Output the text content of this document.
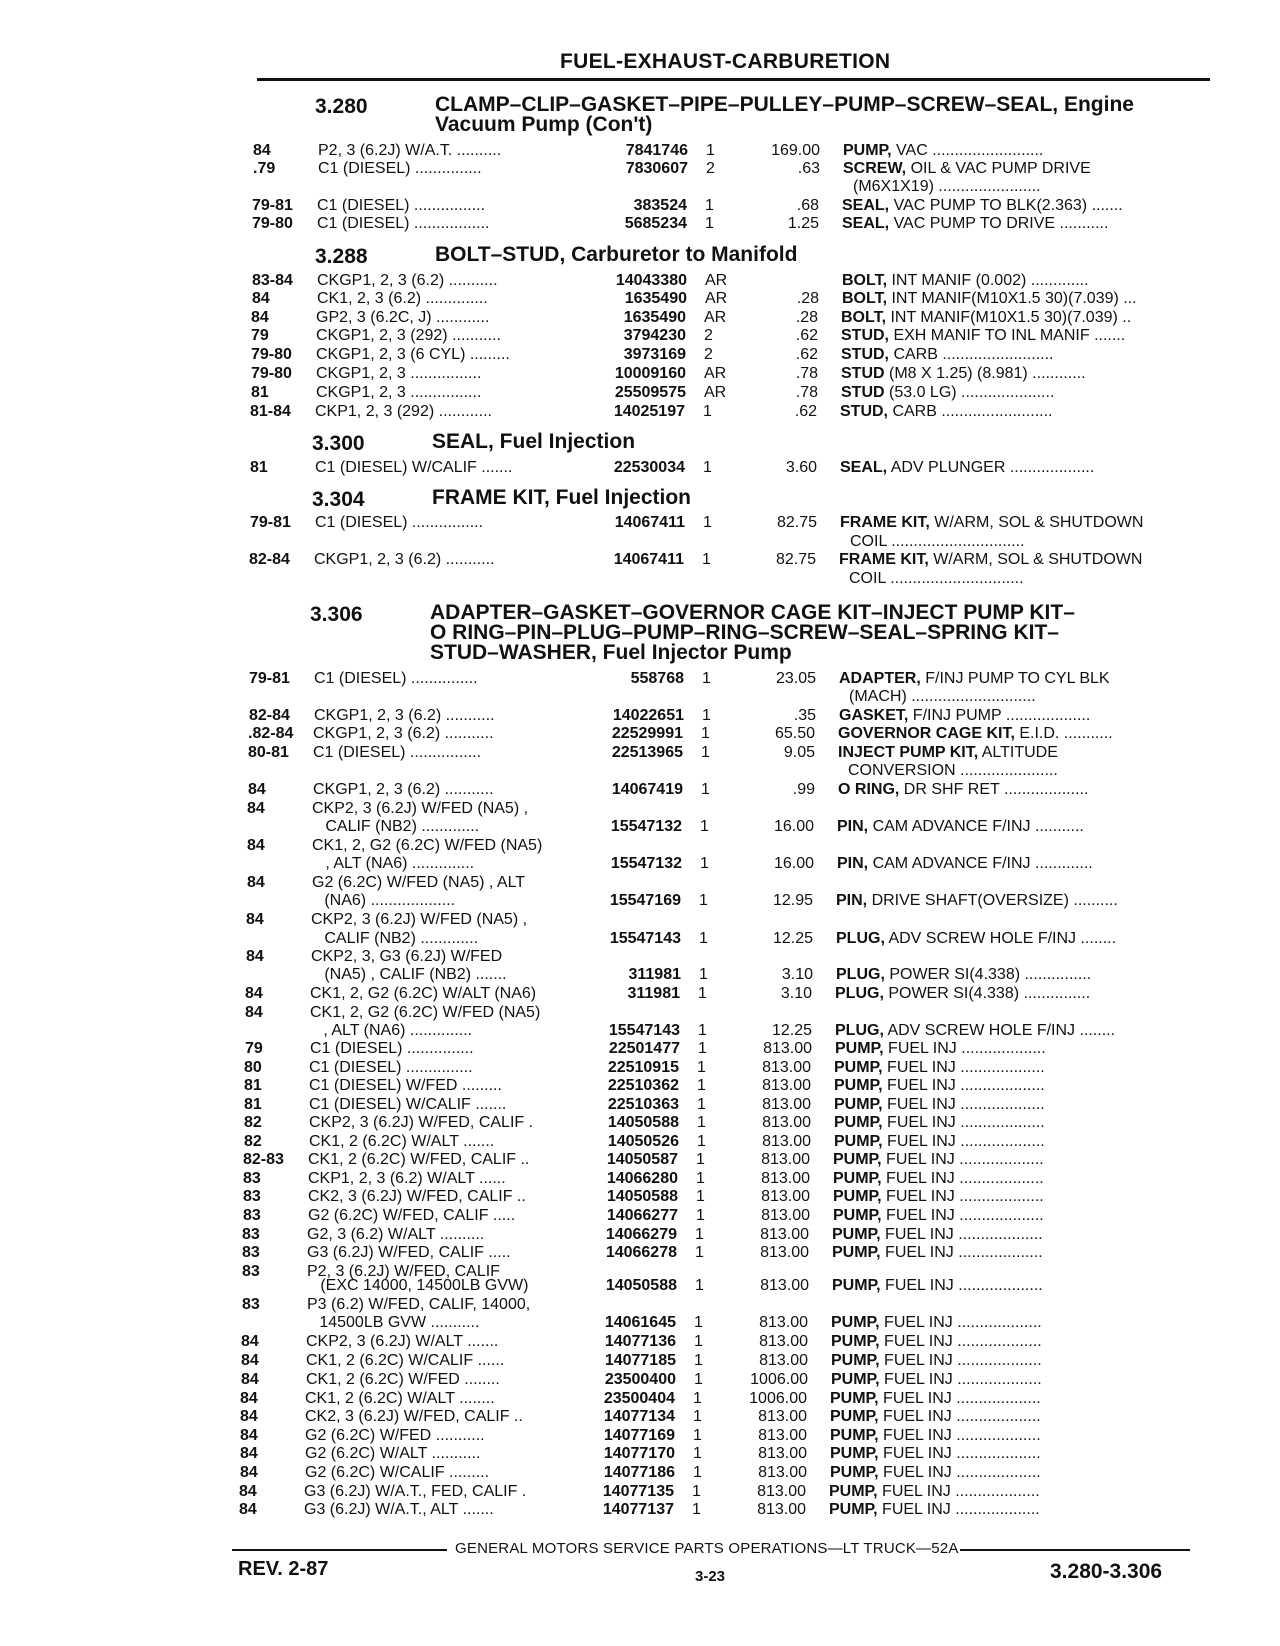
FUEL-EXHAUST-CARBURETION
3.280	CLAMP–CLIP–GASKET–PIPE–PULLEY–PUMP–SCREW–SEAL, Engine
Vacuum Pump (Con't)
3.288	BOLT–STUD, Carburetor to Manifold
3.300	SEAL, Fuel Injection
3.304	FRAME KIT, Fuel Injection
3.306	ADAPTER–GASKET–GOVERNOR CAGE KIT–INJECT PUMP KIT–
O RING–PIN–PLUG–PUMP–RING–SCREW–SEAL–SPRING KIT–
STUD–WASHER, Fuel Injector Pump
84	P2, 3 (6.2J) W/A.T. ..........	7841746 1	169.00 PUMP, VAC .........................
.79	C1 (DIESEL) ...............	7830607 2	.63 SCREW, OIL & VAC PUMP DRIVE
(M6X1X19) .......................
79-81 C1 (DIESEL) ................	383524 1	.68 SEAL, VAC PUMP TO BLK(2.363) .......
79-80 C1 (DIESEL) .................	5685234 1	1.25 SEAL, VAC PUMP TO DRIVE ...........
83-84 CKGP1, 2, 3 (6.2) ...........	14043380 AR	BOLT, INT MANIF (0.002) .............
84	CK1, 2, 3 (6.2) ..............	1635490 AR	.28 BOLT, INT MANIF(M10X1.5 30)(7.039) ...
84	GP2, 3 (6.2C, J) ............	1635490 AR	.28 BOLT, INT MANIF(M10X1.5 30)(7.039) ..
79	CKGP1, 2, 3 (292) ...........	3794230 2	.62 STUD, EXH MANIF TO INL MANIF .......
79-80 CKGP1, 2, 3 (6 CYL) .........	3973169 2	.62 STUD, CARB .........................
79-80 CKGP1, 2, 3 ................	10009160 AR	.78 STUD (M8 X 1.25) (8.981) ............
81	CKGP1, 2, 3 ................	25509575 AR	.78 STUD (53.0 LG) .....................
81-84 CKP1, 2, 3 (292) ............	14025197 1	.62 STUD, CARB .........................
81	C1 (DIESEL) W/CALIF .......	22530034 1	3.60 SEAL, ADV PLUNGER ...................
79-81 C1 (DIESEL) ................	14067411 1	82.75 FRAME KIT, W/ARM, SOL & SHUTDOWN
COIL ..............................
82-84 CKGP1, 2, 3 (6.2) ...........	14067411 1	82.75 FRAME KIT, W/ARM, SOL & SHUTDOWN
COIL ..............................
79-81 C1 (DIESEL) ...............	558768 1	23.05 ADAPTER, F/INJ PUMP TO CYL BLK
(MACH) ............................
82-84 CKGP1, 2, 3 (6.2) ...........	14022651 1	.35 GASKET, F/INJ PUMP ...................
.82-84 CKGP1, 2, 3 (6.2) ...........	22529991 1	65.50 GOVERNOR CAGE KIT, E.I.D. ...........
80-81 C1 (DIESEL) ................	22513965 1	9.05 INJECT PUMP KIT, ALTITUDE
CONVERSION ......................
84	CKGP1, 2, 3 (6.2) ...........	14067419 1	.99 O RING, DR SHF RET ...................
84	CKP2, 3 (6.2J) W/FED (NA5) ,
CALIF (NB2) .............	15547132 1	16.00 PIN, CAM ADVANCE F/INJ ...........
84	CK1, 2, G2 (6.2C) W/FED (NA5)
, ALT (NA6) ..............	15547132 1	16.00 PIN, CAM ADVANCE F/INJ .............
84	G2 (6.2C) W/FED (NA5) , ALT
(NA6) ...................	15547169 1	12.95 PIN, DRIVE SHAFT(OVERSIZE) ..........
84	CKP2, 3 (6.2J) W/FED (NA5) ,
CALIF (NB2) .............	15547143 1	12.25 PLUG, ADV SCREW HOLE F/INJ ........
84	CKP2, 3, G3 (6.2J) W/FED
(NA5) , CALIF (NB2) .......	311981 1	3.10 PLUG, POWER SI(4.338) ...............
84	CK1, 2, G2 (6.2C) W/ALT (NA6)	311981 1	3.10 PLUG, POWER SI(4.338) ...............
84	CK1, 2, G2 (6.2C) W/FED (NA5)
, ALT (NA6) ..............	15547143 1	12.25 PLUG, ADV SCREW HOLE F/INJ ........
79	C1 (DIESEL) ...............	22501477 1	813.00 PUMP, FUEL INJ ...................
80	C1 (DIESEL) ...............	22510915 1	813.00 PUMP, FUEL INJ ...................
81	C1 (DIESEL) W/FED .........	22510362 1	813.00 PUMP, FUEL INJ ...................
81	C1 (DIESEL) W/CALIF .......	22510363 1	813.00 PUMP, FUEL INJ ...................
82	CKP2, 3 (6.2J) W/FED, CALIF .	14050588 1	813.00 PUMP, FUEL INJ ...................
82	CK1, 2 (6.2C) W/ALT .......	14050526 1	813.00 PUMP, FUEL INJ ...................
82-83 CK1, 2 (6.2C) W/FED, CALIF ..	14050587 1	813.00 PUMP, FUEL INJ ...................
83	CKP1, 2, 3 (6.2) W/ALT ......	14066280 1	813.00 PUMP, FUEL INJ ...................
83	CK2, 3 (6.2J) W/FED, CALIF ..	14050588 1	813.00 PUMP, FUEL INJ ...................
83	G2 (6.2C) W/FED, CALIF .....	14066277 1	813.00 PUMP, FUEL INJ ...................
83	G2, 3 (6.2) W/ALT ..........	14066279 1	813.00 PUMP, FUEL INJ ...................
83	G3 (6.2J) W/FED, CALIF .....	14066278 1	813.00 PUMP, FUEL INJ ...................
83	P2, 3 (6.2J) W/FED, CALIF
(EXC 14000, 14500LB GVW)	14050588 1	813.00 PUMP, FUEL INJ ...................
83	P3 (6.2) W/FED, CALIF, 14000,
14500LB GVW ...........	14061645 1	813.00 PUMP, FUEL INJ ...................
84	CKP2, 3 (6.2J) W/ALT .......	14077136 1	813.00 PUMP, FUEL INJ ...................
84	CK1, 2 (6.2C) W/CALIF ......	14077185 1	813.00 PUMP, FUEL INJ ...................
84	CK1, 2 (6.2C) W/FED ........	23500400 1	1006.00 PUMP, FUEL INJ ...................
84	CK1, 2 (6.2C) W/ALT ........	23500404 1	1006.00 PUMP, FUEL INJ ...................
84	CK2, 3 (6.2J) W/FED, CALIF ..	14077134 1	813.00 PUMP, FUEL INJ ...................
84	G2 (6.2C) W/FED ...........	14077169 1	813.00 PUMP, FUEL INJ ...................
84	G2 (6.2C) W/ALT ...........	14077170 1	813.00 PUMP, FUEL INJ ...................
84	G2 (6.2C) W/CALIF .........	14077186 1	813.00 PUMP, FUEL INJ ...................
84	G3 (6.2J) W/A.T., FED, CALIF .	14077135 1	813.00 PUMP, FUEL INJ ...................
84	G3 (6.2J) W/A.T., ALT .......	14077137 1	813.00 PUMP, FUEL INJ ...................
GENERAL MOTORS SERVICE PARTS OPERATIONS—LT TRUCK—52A
REV. 2-87	3-23	3.280-3.306
